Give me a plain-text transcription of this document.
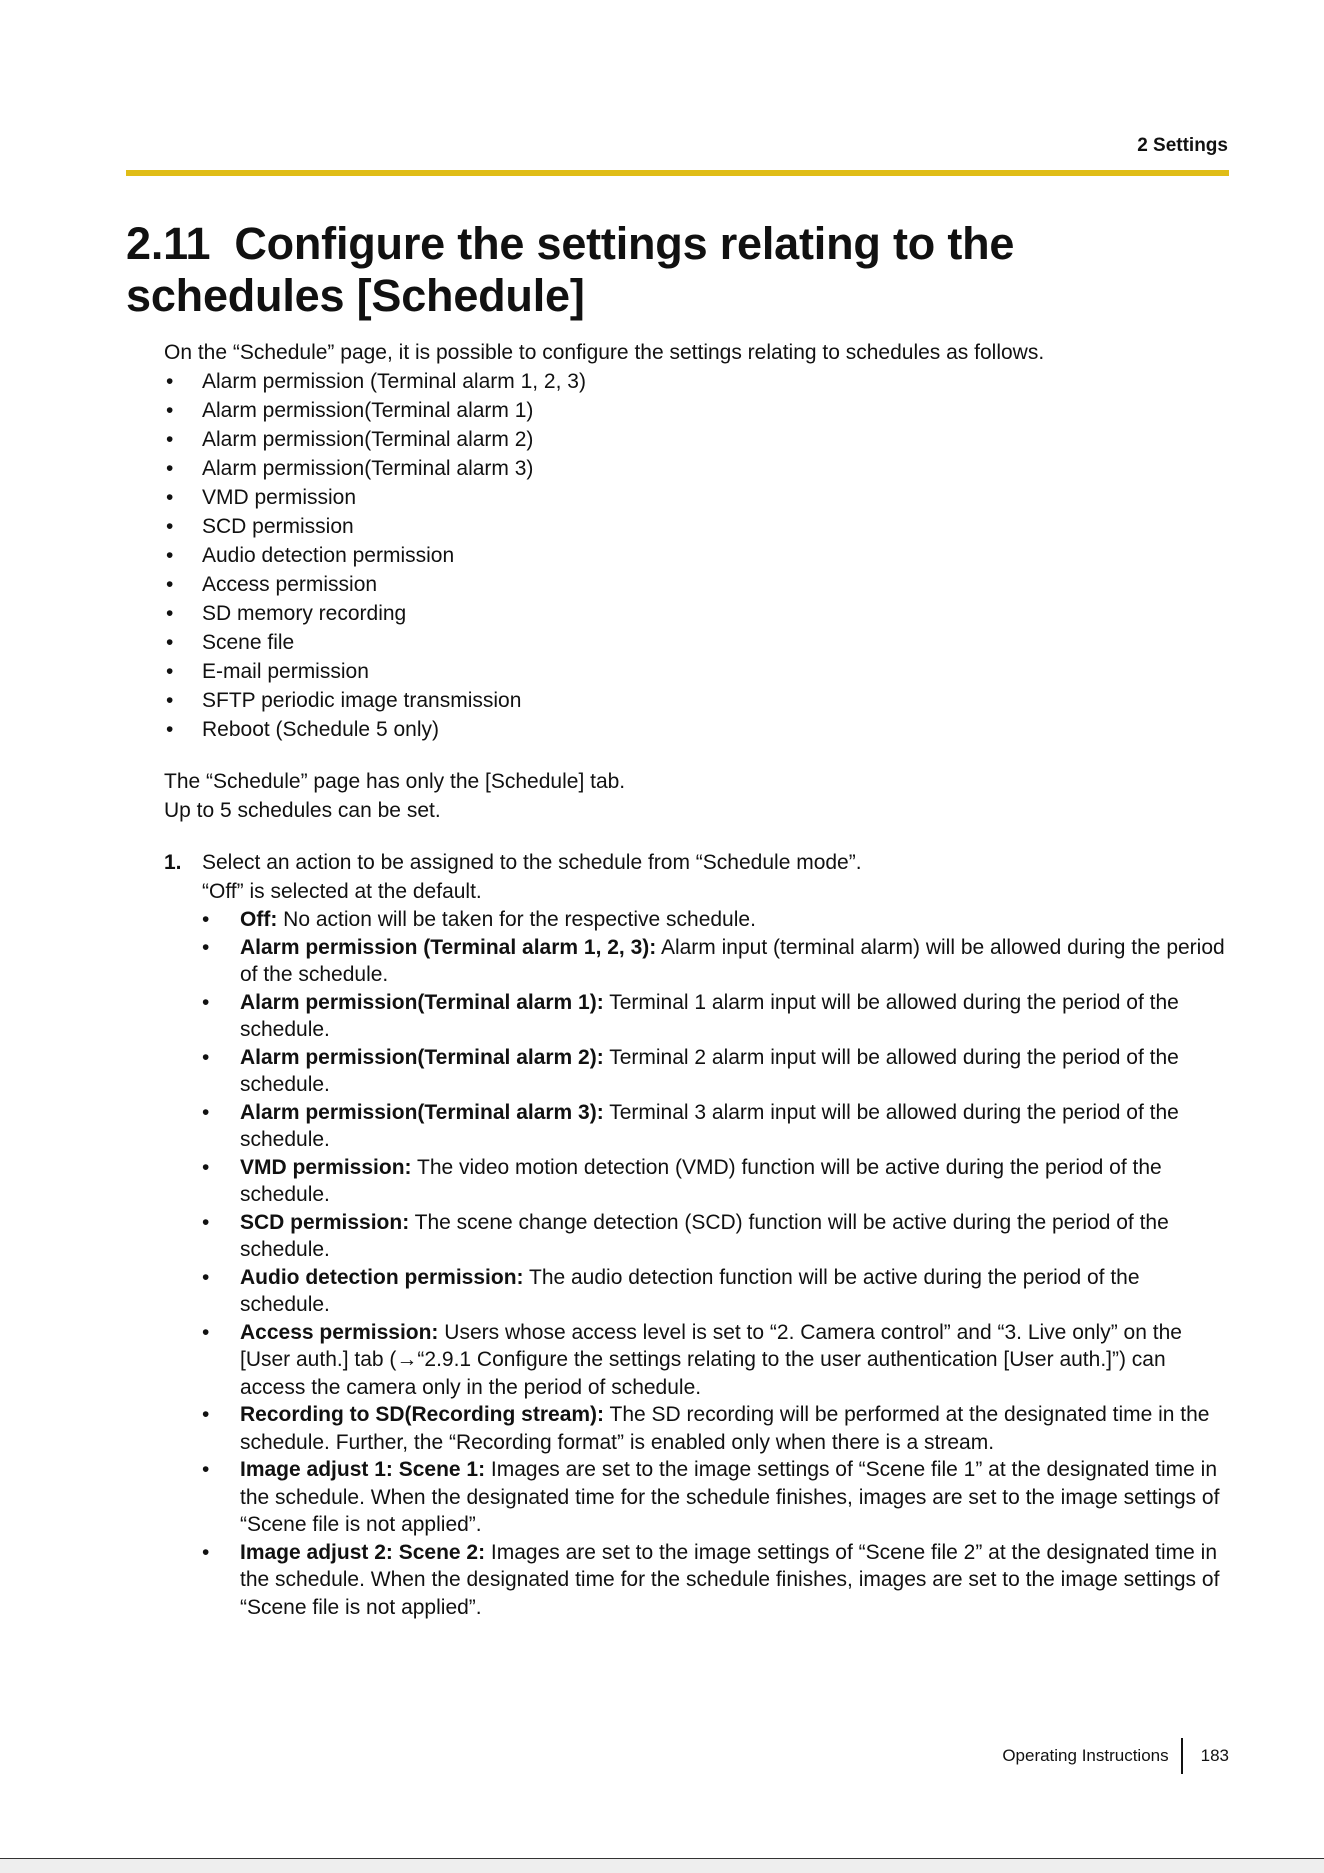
2 Settings
2.11 Configure the settings relating to the schedules [Schedule]

On the “Schedule” page, it is possible to configure the settings relating to schedules as follows.

• Alarm permission (Terminal alarm 1, 2, 3)
• Alarm permission(Terminal alarm 1)
• Alarm permission(Terminal alarm 2)
• Alarm permission(Terminal alarm 3)
• VMD permission
• SCD permission
• Audio detection permission
• Access permission
• SD memory recording
• Scene file
• E-mail permission
• SFTP periodic image transmission
• Reboot (Schedule 5 only)

The “Schedule” page has only the [Schedule] tab.

Up to 5 schedules can be set.

1. Select an action to be assigned to the schedule from “Schedule mode”.

“Off” is selected at the default.

• Off: No action will be taken for the respective schedule.
• Alarm permission (Terminal alarm 1, 2, 3): Alarm input (terminal alarm) will be allowed during the period of the schedule.
• Alarm permission(Terminal alarm 1): Terminal 1 alarm input will be allowed during the period of the schedule.
• Alarm permission(Terminal alarm 2): Terminal 2 alarm input will be allowed during the period of the schedule.
• Alarm permission(Terminal alarm 3): Terminal 3 alarm input will be allowed during the period of the schedule.
• VMD permission: The video motion detection (VMD) function will be active during the period of the schedule.
• SCD permission: The scene change detection (SCD) function will be active during the period of the schedule.
• Audio detection permission: The audio detection function will be active during the period of the schedule.
• Access permission: Users whose access level is set to “2. Camera control” and “3. Live only” on the [User auth.] tab (→“2.9.1 Configure the settings relating to the user authentication [User auth.]”) can access the camera only in the period of schedule.
• Recording to SD(Recording stream): The SD recording will be performed at the designated time in the schedule. Further, the “Recording format” is enabled only when there is a stream.
• Image adjust 1: Scene 1: Images are set to the image settings of “Scene file 1” at the designated time in the schedule. When the designated time for the schedule finishes, images are set to the image settings of “Scene file is not applied”.
• Image adjust 2: Scene 2: Images are set to the image settings of “Scene file 2” at the designated time in the schedule. When the designated time for the schedule finishes, images are set to the image settings of “Scene file is not applied”.
Operating Instructions 183
